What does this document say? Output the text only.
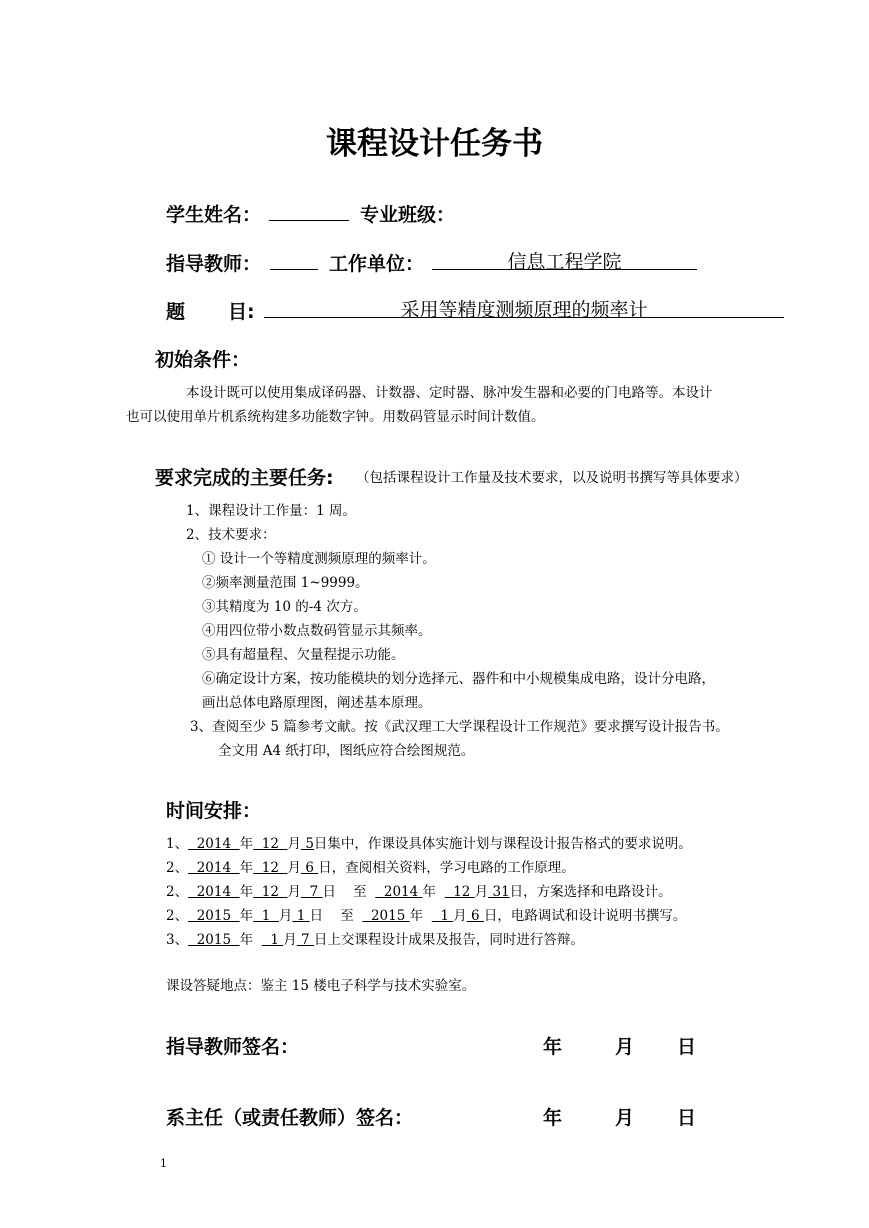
课程设计任务书
学生姓名：	专业班级：
指导教师：	工作单位：	信息工程学院
题 目:	采用等精度测频原理的频率计
初始条件：
本设计既可以使用集成译码器、计数器、定时器、脉冲发生器和必要的门电路等。本设计
也可以使用单片机系统构建多功能数字钟。用数码管显示时间计数值。
要求完成的主要任务: （包括课程设计工作量及技术要求，以及说明书撰写等具体要求）
1、课程设计工作量：1 周。
2、技术要求：
① 设计一个等精度测频原理的频率计。
②频率测量范围 1~9999。
③其精度为 10 的-4 次方。
④用四位带小数点数码管显示其频率。
⑤具有超量程、欠量程提示功能。
⑥确定设计方案，按功能模块的划分选择元、器件和中小规模集成电路，设计分电路，
画出总体电路原理图，阐述基本原理。
3、查阅至少 5 篇参考文献。按《武汉理工大学课程设计工作规范》要求撰写设计报告书。
全文用 A4 纸打印，图纸应符合绘图规范。
时间安排：
1、 2014 年 12 月 5日集中，作课设具体实施计划与课程设计报告格式的要求说明。
2、 2014 年 12 月 6 日，查阅相关资料，学习电路的工作原理。
2、 2014 年 12 月 7 日 至 2014 年 12 月 31日，方案选择和电路设计。
2、 2015 年 1 月 1 日 至 2015 年 1 月 6 日，电路调试和设计说明书撰写。
3、 2015 年 1 月 7 日上交课程设计成果及报告，同时进行答辩。
课设答疑地点：鉴主 15 楼电子科学与技术实验室。
指导教师签名：	年	月 日
系主任（或责任教师）签名：	年	月 日
1
